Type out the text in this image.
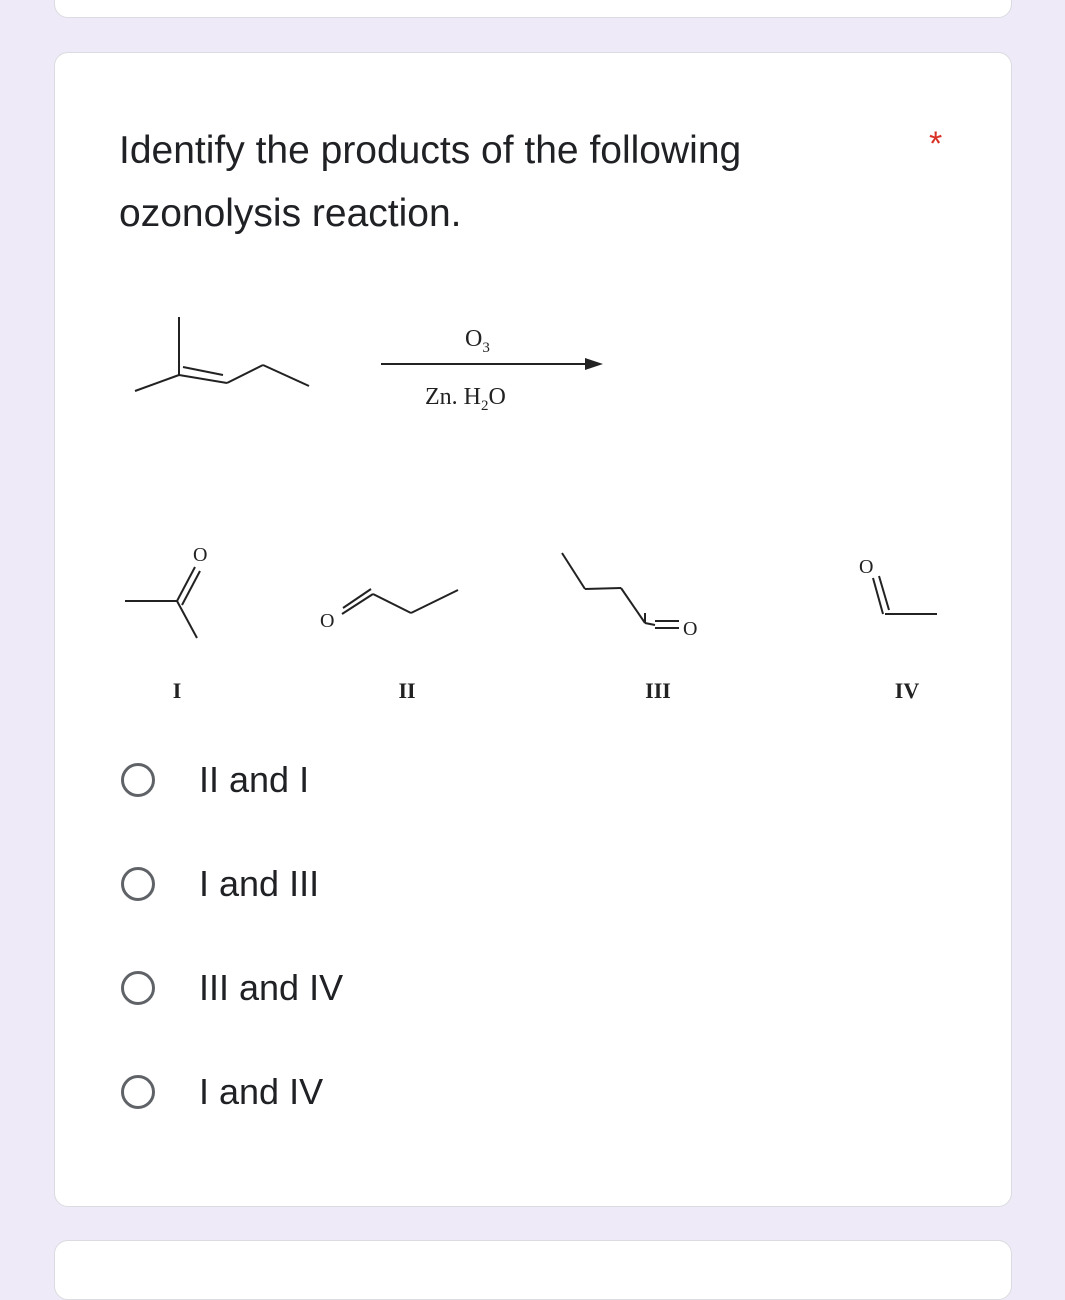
Identify the products of the following ozonolysis reaction.
*
$O_3$
Zn. $H_2O$
O
O	O
O
I	II	III	IV
II and I
I and III
III and IV
I and IV
